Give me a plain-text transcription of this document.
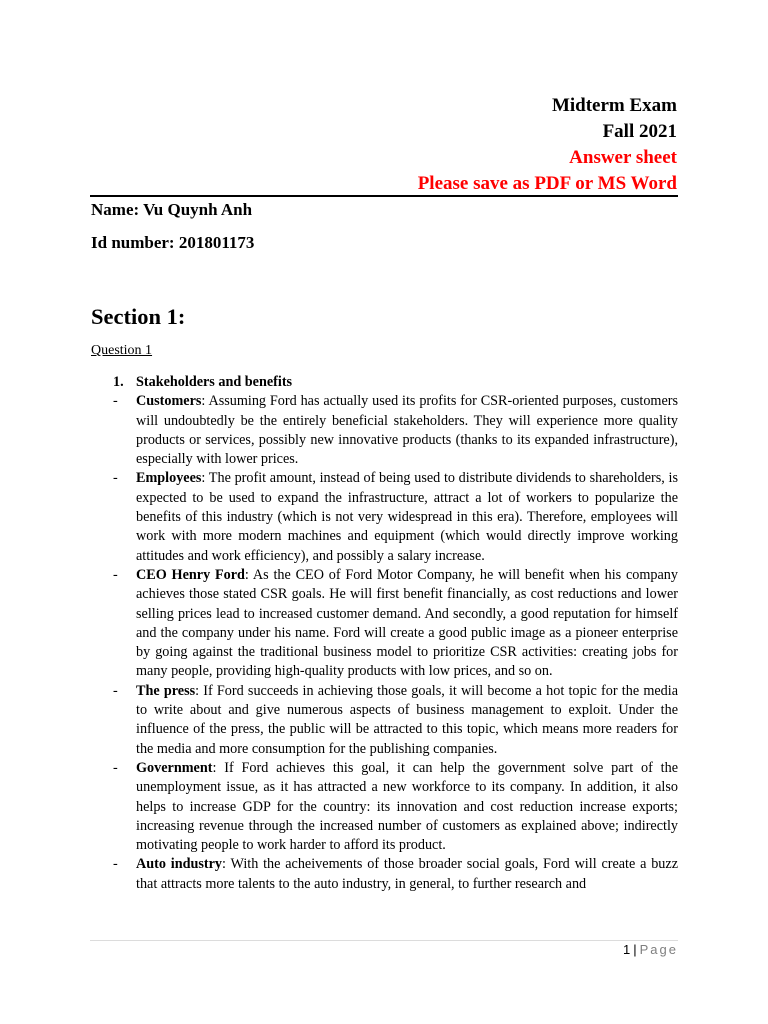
Midterm Exam
Fall 2021
Answer sheet
Please save as PDF or MS Word
Name: Vu Quynh Anh
Id number: 201801173
Section 1:
Question 1
1. Stakeholders and benefits
-	Customers: Assuming Ford has actually used its profits for CSR-oriented purposes, customers will undoubtedly be the entirely beneficial stakeholders. They will experience more quality products or services, possibly new innovative products (thanks to its expanded infrastructure), especially with lower prices.
-	Employees: The profit amount, instead of being used to distribute dividends to shareholders, is expected to be used to expand the infrastructure, attract a lot of workers to popularize the benefits of this industry (which is not very widespread in this era). Therefore, employees will work with more modern machines and equipment (which would directly improve working attitudes and work efficiency), and possibly a salary increase.
-	CEO Henry Ford: As the CEO of Ford Motor Company, he will benefit when his company achieves those stated CSR goals. He will first benefit financially, as cost reductions and lower selling prices lead to increased customer demand. And secondly, a good reputation for himself and the company under his name. Ford will create a good public image as a pioneer enterprise by going against the traditional business model to prioritize CSR activities: creating jobs for many people, providing high-quality products with low prices, and so on.
-	The press: If Ford succeeds in achieving those goals, it will become a hot topic for the media to write about and give numerous aspects of business management to exploit. Under the influence of the press, the public will be attracted to this topic, which means more readers for the media and more consumption for the publishing companies.
-	Government: If Ford achieves this goal, it can help the government solve part of the unemployment issue, as it has attracted a new workforce to its company. In addition, it also helps to increase GDP for the country: its innovation and cost reduction increase exports; increasing revenue through the increased number of customers as explained above; indirectly motivating people to work harder to afford its product.
-	Auto industry: With the acheivements of those broader social goals, Ford will create a buzz that attracts more talents to the auto industry, in general, to further research and
1 | Page
